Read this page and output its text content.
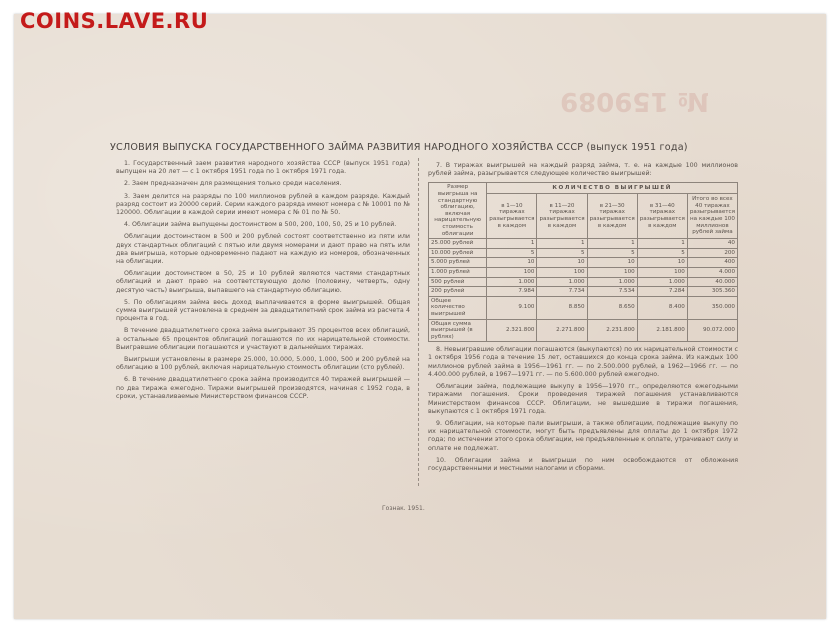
COINS.LAVE.RU
№ 159089
УСЛОВИЯ ВЫПУСКА ГОСУДАРСТВЕННОГО ЗАЙМА РАЗВИТИЯ НАРОДНОГО ХОЗЯЙСТВА СССР (выпуск 1951 года)

1. Государственный заем развития народного хозяйства СССР (выпуск 1951 года) выпущен на 20 лет — с 1 октября 1951 года по 1 октября 1971 года.

2. Заем предназначен для размещения только среди населения.

3. Заем делится на разряды по 100 миллионов рублей в каждом разряде. Каждый разряд состоит из 20000 серий. Серии каждого разряда имеют номера с № 10001 по № 120000. Облигации в каждой серии имеют номера с № 01 по № 50.

4. Облигации займа выпущены достоинством в 500, 200, 100, 50, 25 и 10 рублей.

Облигации достоинством в 500 и 200 рублей состоят соответственно из пяти или двух стандартных облигаций с пятью или двумя номерами и дают право на пять или два выигрыша, которые одновременно падают на каждую из номеров, обозначенных на облигации.

Облигации достоинством в 50, 25 и 10 рублей являются частями стандартных облигаций и дают право на соответствующую долю (половину, четверть, одну десятую часть) выигрыша, выпавшего на стандартную облигацию.

5. По облигациям займа весь доход выплачивается в форме выигрышей. Общая сумма выигрышей установлена в среднем за двадцатилетний срок займа из расчета 4 процента в год.

В течение двадцатилетнего срока займа выигрывают 35 процентов всех облигаций, а остальные 65 процентов облигаций погашаются по их нарицательной стоимости. Выигравшие облигации погашаются и участвуют в дальнейших тиражах.

Выигрыши установлены в размере 25.000, 10.000, 5.000, 1.000, 500 и 200 рублей на облигацию в 100 рублей, включая нарицательную стоимость облигации (сто рублей).

6. В течение двадцатилетнего срока займа производится 40 тиражей выигрышей — по два тиража ежегодно. Тиражи выигрышей производятся, начиная с 1952 года, в сроки, устанавливаемые Министерством финансов СССР.

7. В тиражах выигрышей на каждый разряд займа, т. е. на каждые 100 миллионов рублей займа, разыгрывается следующее количество выигрышей:

Размер выигрыша на стандартную облигацию, включая нарицательную стоимость облигации	КОЛИЧЕСТВО ВЫИГРЫШЕЙ				
	в 1—10 тиражах разыгрывается в каждом	в 11—20 тиражах разыгрывается в каждом	в 21—30 тиражах разыгрывается в каждом	в 31—40 тиражах разыгрывается в каждом	Итого во всех 40 тиражах разыгрывается на каждые 100 миллионов рублей займа
25.000 рублей	1	1	1	1	40
10.000 рублей	5	5	5	5	200
5.000 рублей	10	10	10	10	400
1.000 рублей	100	100	100	100	4.000
500 рублей	1.000	1.000	1.000	1.000	40.000
200 рублей	7.984	7.734	7.534	7.284	305.360
Общее количество выигрышей	9.100	8.850	8.650	8.400	350.000
Общая сумма выигрышей (в рублях)	2.321.800	2.271.800	2.231.800	2.181.800	90.072.000

8. Невыигравшие облигации погашаются (выкупаются) по их нарицательной стоимости с 1 октября 1956 года в течение 15 лет, оставшихся до конца срока займа. Из каждых 100 миллионов рублей займа в 1956—1961 гг. — по 2.500.000 рублей, в 1962—1966 гг. — по 4.400.000 рублей, в 1967—1971 гг. — по 5.600.000 рублей ежегодно.

Облигации займа, подлежащие выкупу в 1956—1970 гг., определяются ежегодными тиражами погашения. Сроки проведения тиражей погашения устанавливаются Министерством финансов СССР. Облигации, не вышедшие в тиражи погашения, выкупаются с 1 октября 1971 года.

9. Облигации, на которые пали выигрыши, а также облигации, подлежащие выкупу по их нарицательной стоимости, могут быть предъявлены для оплаты до 1 октября 1972 года; по истечении этого срока облигации, не предъявленные к оплате, утрачивают силу и оплате не подлежат.

10. Облигации займа и выигрыши по ним освобождаются от обложения государственными и местными налогами и сборами.

Гознак. 1951.
